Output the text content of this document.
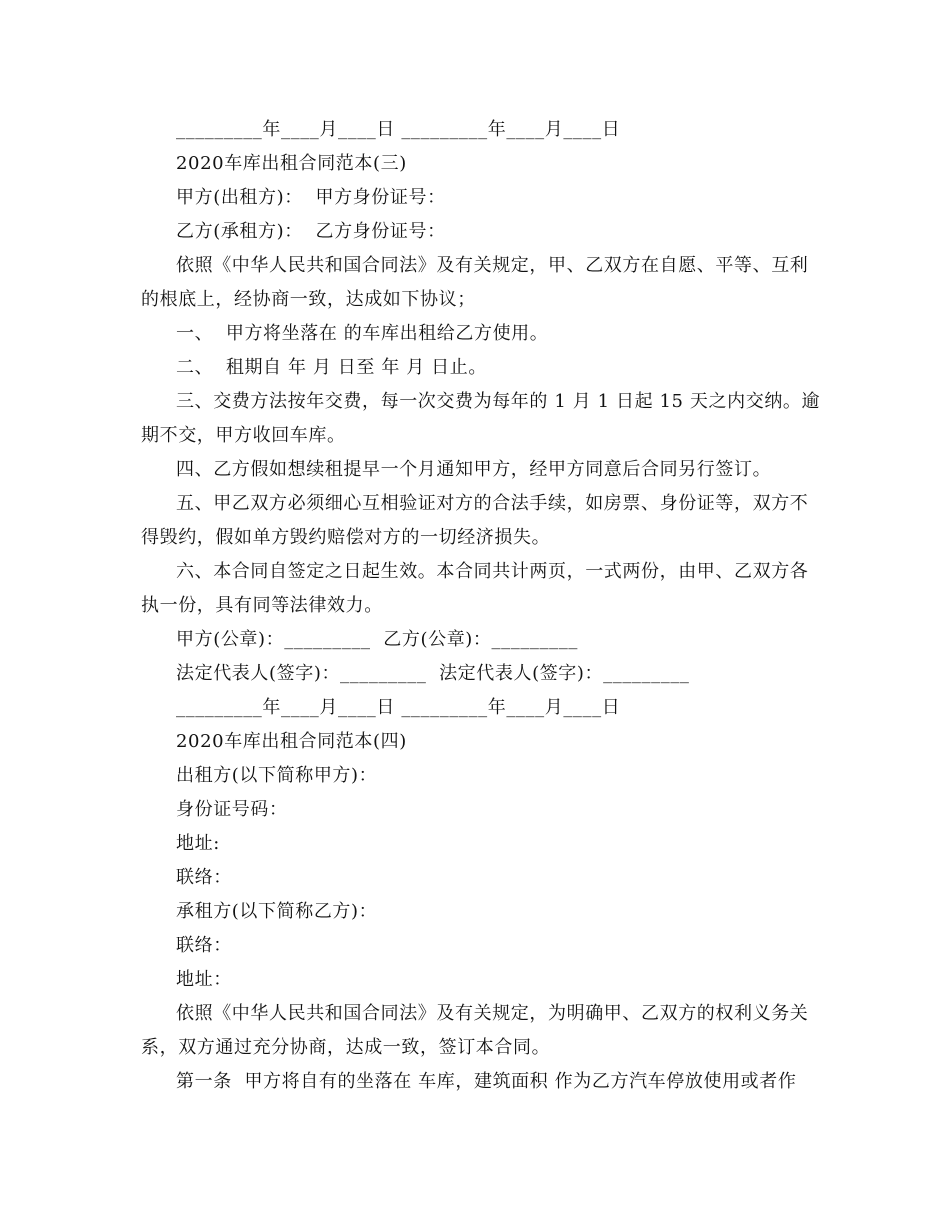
_________年____月____日 _________年____月____日
2020车库出租合同范本(三)
甲方(出租方)：  甲方身份证号：
乙方(承租方)：  乙方身份证号：
依照《中华人民共和国合同法》及有关规定，甲、乙双方在自愿、平等、互利
的根底上，经协商一致，达成如下协议；
一、  甲方将坐落在 的车库出租给乙方使用。
二、  租期自 年 月 日至 年 月 日止。
三、交费方法按年交费，每一次交费为每年的 1 月 1 日起 15 天之内交纳。逾
期不交，甲方收回车库。
四、乙方假如想续租提早一个月通知甲方，经甲方同意后合同另行签订。
五、甲乙双方必须细心互相验证对方的合法手续，如房票、身份证等，双方不
得毁约，假如单方毁约赔偿对方的一切经济损失。
六、本合同自签定之日起生效。本合同共计两页，一式两份，由甲、乙双方各
执一份，具有同等法律效力。
甲方(公章)：_________  乙方(公章)：_________
法定代表人(签字)：_________  法定代表人(签字)：_________
_________年____月____日 _________年____月____日
2020车库出租合同范本(四)
出租方(以下简称甲方)：
身份证号码：
地址:
联络：
承租方(以下简称乙方)：
联络：
地址：
依照《中华人民共和国合同法》及有关规定，为明确甲、乙双方的权利义务关
系，双方通过充分协商，达成一致，签订本合同。
第一条  甲方将自有的坐落在 车库，建筑面积 作为乙方汽车停放使用或者作
